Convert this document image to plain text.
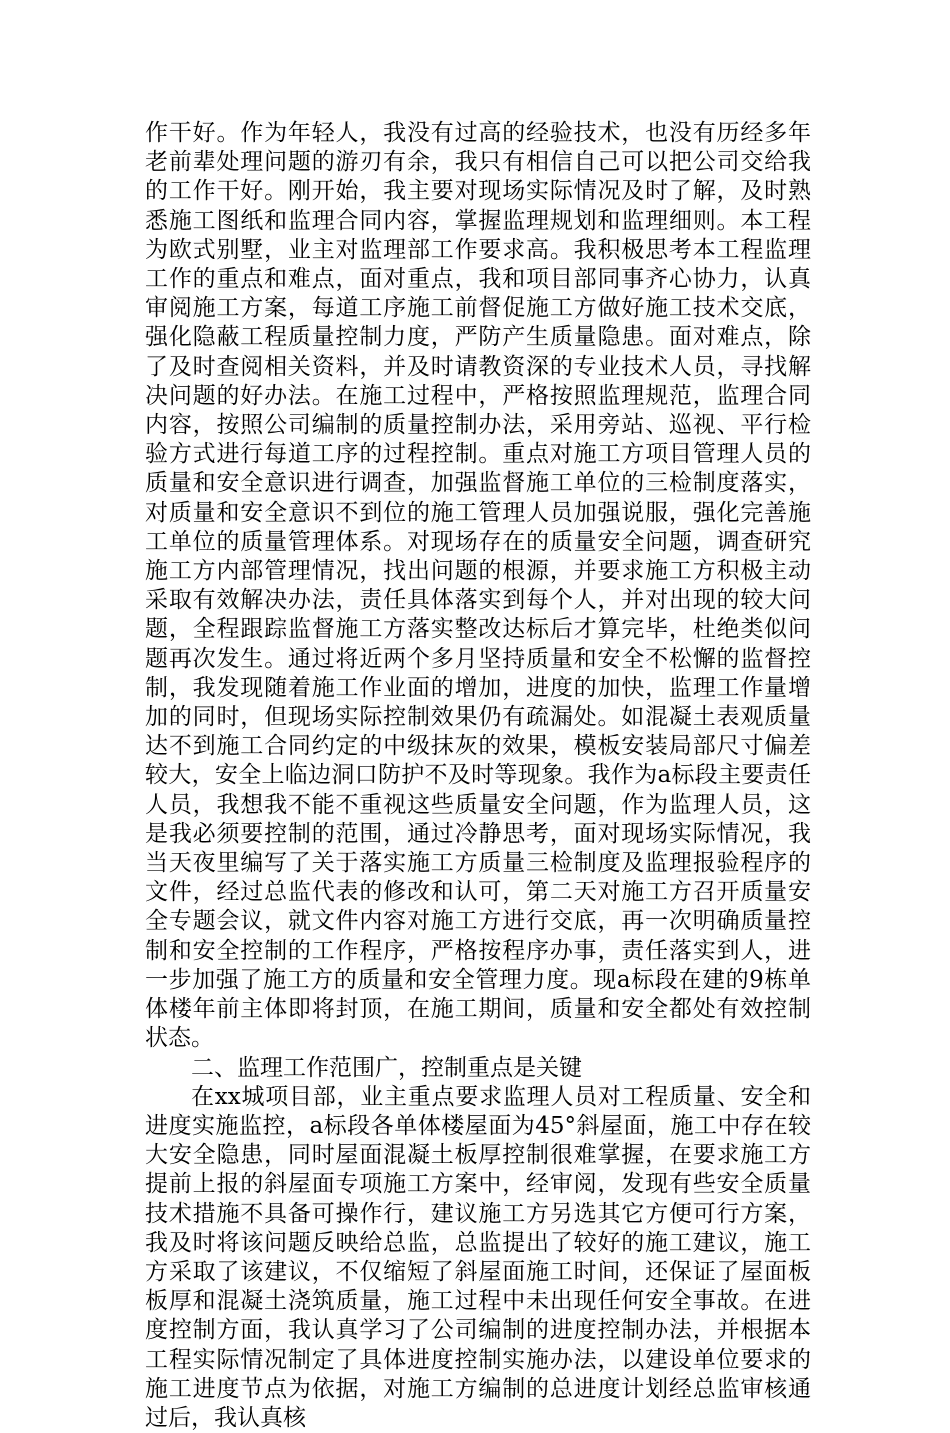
作干好。作为年轻人，我没有过高的经验技术，也没有历经多年老前辈处理问题的游刃有余，我只有相信自己可以把公司交给我的工作干好。刚开始，我主要对现场实际情况及时了解，及时熟悉施工图纸和监理合同内容，掌握监理规划和监理细则。本工程为欧式别墅，业主对监理部工作要求高。我积极思考本工程监理工作的重点和难点，面对重点，我和项目部同事齐心协力，认真审阅施工方案，每道工序施工前督促施工方做好施工技术交底，强化隐蔽工程质量控制力度，严防产生质量隐患。面对难点，除了及时查阅相关资料，并及时请教资深的专业技术人员，寻找解决问题的好办法。在施工过程中，严格按照监理规范，监理合同内容，按照公司编制的质量控制办法，采用旁站、巡视、平行检验方式进行每道工序的过程控制。重点对施工方项目管理人员的质量和安全意识进行调查，加强监督施工单位的三检制度落实，对质量和安全意识不到位的施工管理人员加强说服，强化完善施工单位的质量管理体系。对现场存在的质量安全问题，调查研究施工方内部管理情况，找出问题的根源，并要求施工方积极主动采取有效解决办法，责任具体落实到每个人，并对出现的较大问题，全程跟踪监督施工方落实整改达标后才算完毕，杜绝类似问题再次发生。通过将近两个多月坚持质量和安全不松懈的监督控制，我发现随着施工作业面的增加，进度的加快，监理工作量增加的同时，但现场实际控制效果仍有疏漏处。如混凝土表观质量达不到施工合同约定的中级抹灰的效果，模板安装局部尺寸偏差较大，安全上临边洞口防护不及时等现象。我作为a标段主要责任人员，我想我不能不重视这些质量安全问题，作为监理人员，这是我必须要控制的范围，通过冷静思考，面对现场实际情况，我当天夜里编写了关于落实施工方质量三检制度及监理报验程序的文件，经过总监代表的修改和认可，第二天对施工方召开质量安全专题会议，就文件内容对施工方进行交底，再一次明确质量控制和安全控制的工作程序，严格按程序办事，责任落实到人，进一步加强了施工方的质量和安全管理力度。现a标段在建的9栋单体楼年前主体即将封顶，在施工期间，质量和安全都处有效控制状态。

二、监理工作范围广，控制重点是关键

在xx城项目部，业主重点要求监理人员对工程质量、安全和进度实施监控，a标段各单体楼屋面为45°斜屋面，施工中存在较大安全隐患，同时屋面混凝土板厚控制很难掌握，在要求施工方提前上报的斜屋面专项施工方案中，经审阅，发现有些安全质量技术措施不具备可操作行，建议施工方另选其它方便可行方案，我及时将该问题反映给总监，总监提出了较好的施工建议，施工方采取了该建议，不仅缩短了斜屋面施工时间，还保证了屋面板板厚和混凝土浇筑质量，施工过程中未出现任何安全事故。在进度控制方面，我认真学习了公司编制的进度控制办法，并根据本工程实际情况制定了具体进度控制实施办法，以建设单位要求的施工进度节点为依据，对施工方编制的总进度计划经总监审核通过后，我认真核
